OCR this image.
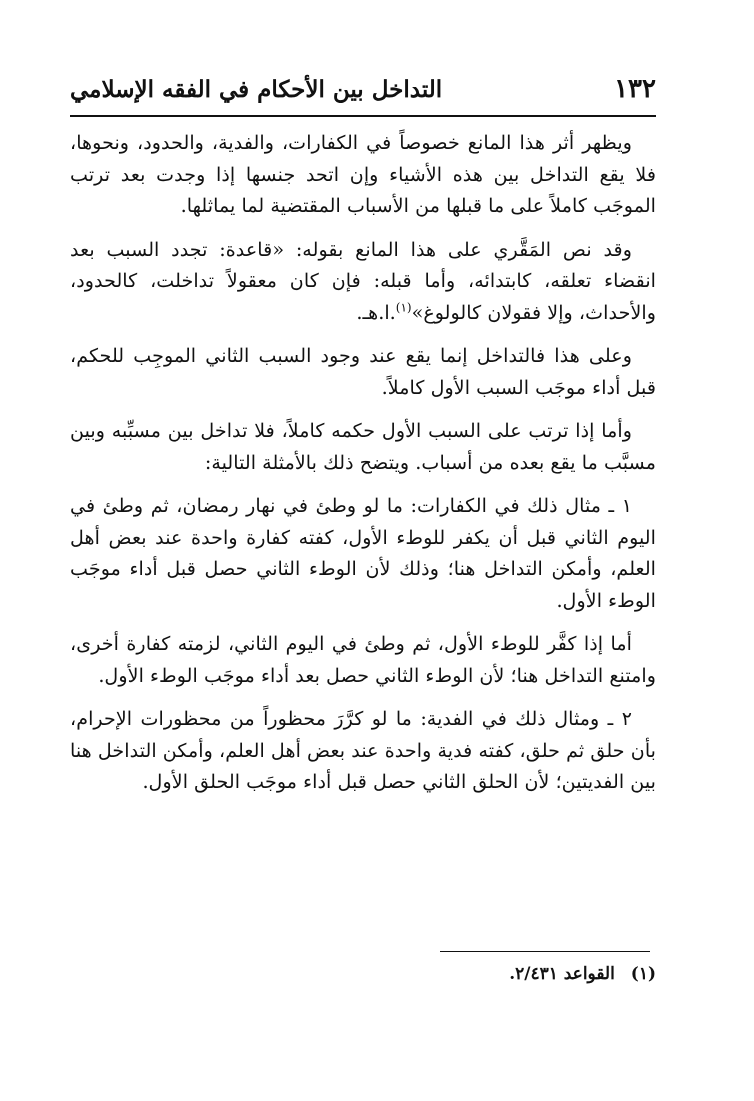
١٣٢
التداخل بين الأحكام في الفقه الإسلامي

ويظهر أثر هذا المانع خصوصاً في الكفارات، والفدية، والحدود، ونحوها، فلا يقع التداخل بين هذه الأشياء وإن اتحد جنسها إذا وجدت بعد ترتب الموجَب كاملاً على ما قبلها من الأسباب المقتضية لما يماثلها.

وقد نص المَقَّري على هذا المانع بقوله: «قاعدة: تجدد السبب بعد انقضاء تعلقه، كابتدائه، وأما قبله: فإن كان معقولاً تداخلت، كالحدود، والأحداث، وإلا فقولان كالولوغ»$^{(١)}$.ا.هـ.

وعلى هذا فالتداخل إنما يقع عند وجود السبب الثاني الموجِب للحكم، قبل أداء موجَب السبب الأول كاملاً.

وأما إذا ترتب على السبب الأول حكمه كاملاً، فلا تداخل بين مسبِّبه وبين مسبَّب ما يقع بعده من أسباب. ويتضح ذلك بالأمثلة التالية:

١ ـ مثال ذلك في الكفارات: ما لو وطئ في نهار رمضان، ثم وطئ في اليوم الثاني قبل أن يكفر للوطء الأول، كفته كفارة واحدة عند بعض أهل العلم، وأمكن التداخل هنا؛ وذلك لأن الوطء الثاني حصل قبل أداء موجَب الوطء الأول.

أما إذا كفَّر للوطء الأول، ثم وطئ في اليوم الثاني، لزمته كفارة أخرى، وامتنع التداخل هنا؛ لأن الوطء الثاني حصل بعد أداء موجَب الوطء الأول.

٢ ـ ومثال ذلك في الفدية: ما لو كرَّرَ محظوراً من محظورات الإحرام، بأن حلق ثم حلق، كفته فدية واحدة عند بعض أهل العلم، وأمكن التداخل هنا بين الفديتين؛ لأن الحلق الثاني حصل قبل أداء موجَب الحلق الأول.

(١) القواعد ٢/٤٣١.
